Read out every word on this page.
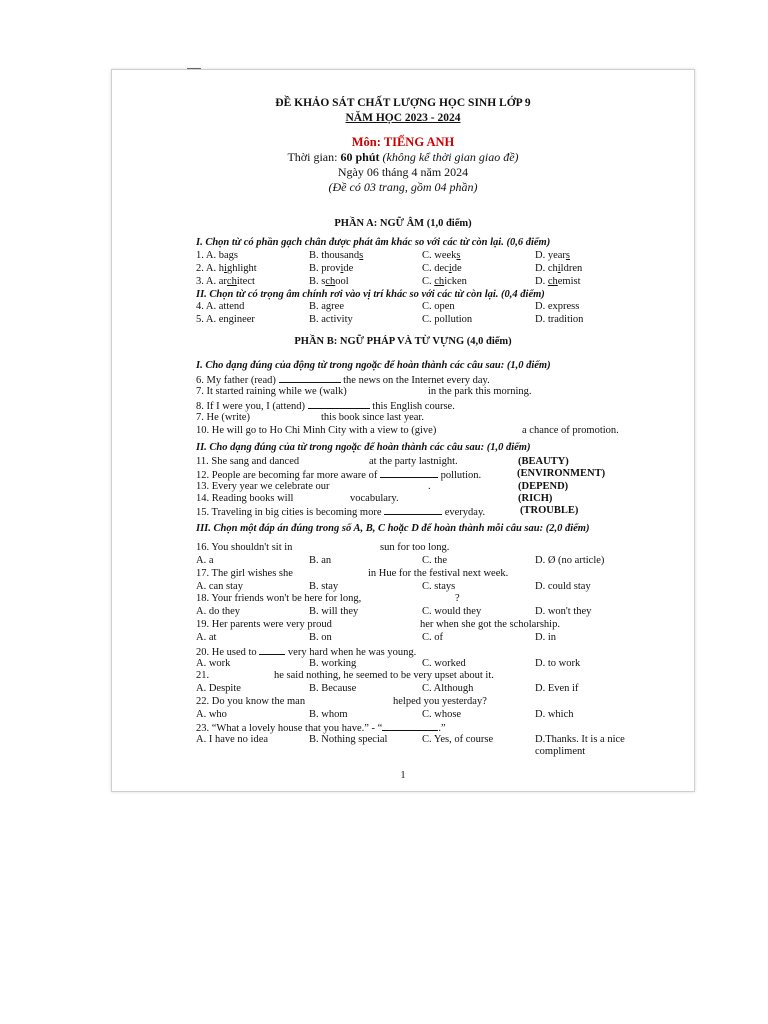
ĐỀ KHẢO SÁT CHẤT LƯỢNG HỌC SINH LỚP 9
NĂM HỌC 2023 - 2024
Môn: TIẾNG ANH
Thời gian: 60 phút (không kể thời gian giao đề)
Ngày 06 tháng 4 năm 2024
(Đề có 03 trang, gồm 04 phần)
PHẦN A: NGỮ ÂM (1,0 điểm)
I. Chọn từ có phần gạch chân được phát âm khác so với các từ còn lại. (0,6 điểm)
1. A. bags	B. thousands	C. weeks	D. years
2. A. highlight	B. provide	C. decide	D. children
3. A. architect	B. school	C. chicken	D. chemist
II. Chọn từ có trọng âm chính rơi vào vị trí khác so với các từ còn lại. (0,4 điểm)
4. A. attend	B. agree	C. open	D. express
5. A. engineer	B. activity	C. pollution	D. tradition
PHẦN B: NGỮ PHÁP VÀ TỪ VỰNG (4,0 điểm)
I. Cho dạng đúng của động từ trong ngoặc để hoàn thành các câu sau: (1,0 điểm)
6. My father (read)	the news on the Internet every day.
7. It started raining while we (walk)	in the park this morning.
8. If I were you, I (attend)	this English course.
7. He (write)	this book since last year.
10. He will go to Ho Chi Minh City with a view to (give)	a chance of promotion.
II. Cho dạng đúng của từ trong ngoặc để hoàn thành các câu sau: (1,0 điểm)
11. She sang and danced	at the party lastnight.	(BEAUTY)
12. People are becoming far more aware of	pollution.	(ENVIRONMENT)
13. Every year we celebrate our	.	(DEPEND)
14. Reading books will	vocabulary.	(RICH)
15. Traveling in big cities is becoming more	everyday.	(TROUBLE)
III. Chọn một đáp án đúng trong số A, B, C hoặc D để hoàn thành mỗi câu sau: (2,0 điểm)
16. You shouldn't sit in	sun for too long.
A. a	B. an	C. the	D. Ø (no article)
17. The girl wishes she	in Hue for the festival next week.
A. can stay	B. stay	C. stays	D. could stay
18. Your friends won't be here for long,	?
A. do they	B. will they	C. would they	D. won't they
19. Her parents were very proud	her when she got the scholarship.
A. at	B. on	C. of	D. in
20. He used to  very hard when he was young.
A. work	B. working	C. worked	D. to work
21.	he said nothing, he seemed to be very upset about it.
A. Despite	B. Because	C. Although	D. Even if
22. Do you know the man	helped you yesterday?
A. who	B. whom	C. whose	D. which
23. “What a lovely house that you have.” - “	.”
A. I have no idea	B. Nothing special	C. Yes, of course	D.Thanks. It is a nice
compliment
1
